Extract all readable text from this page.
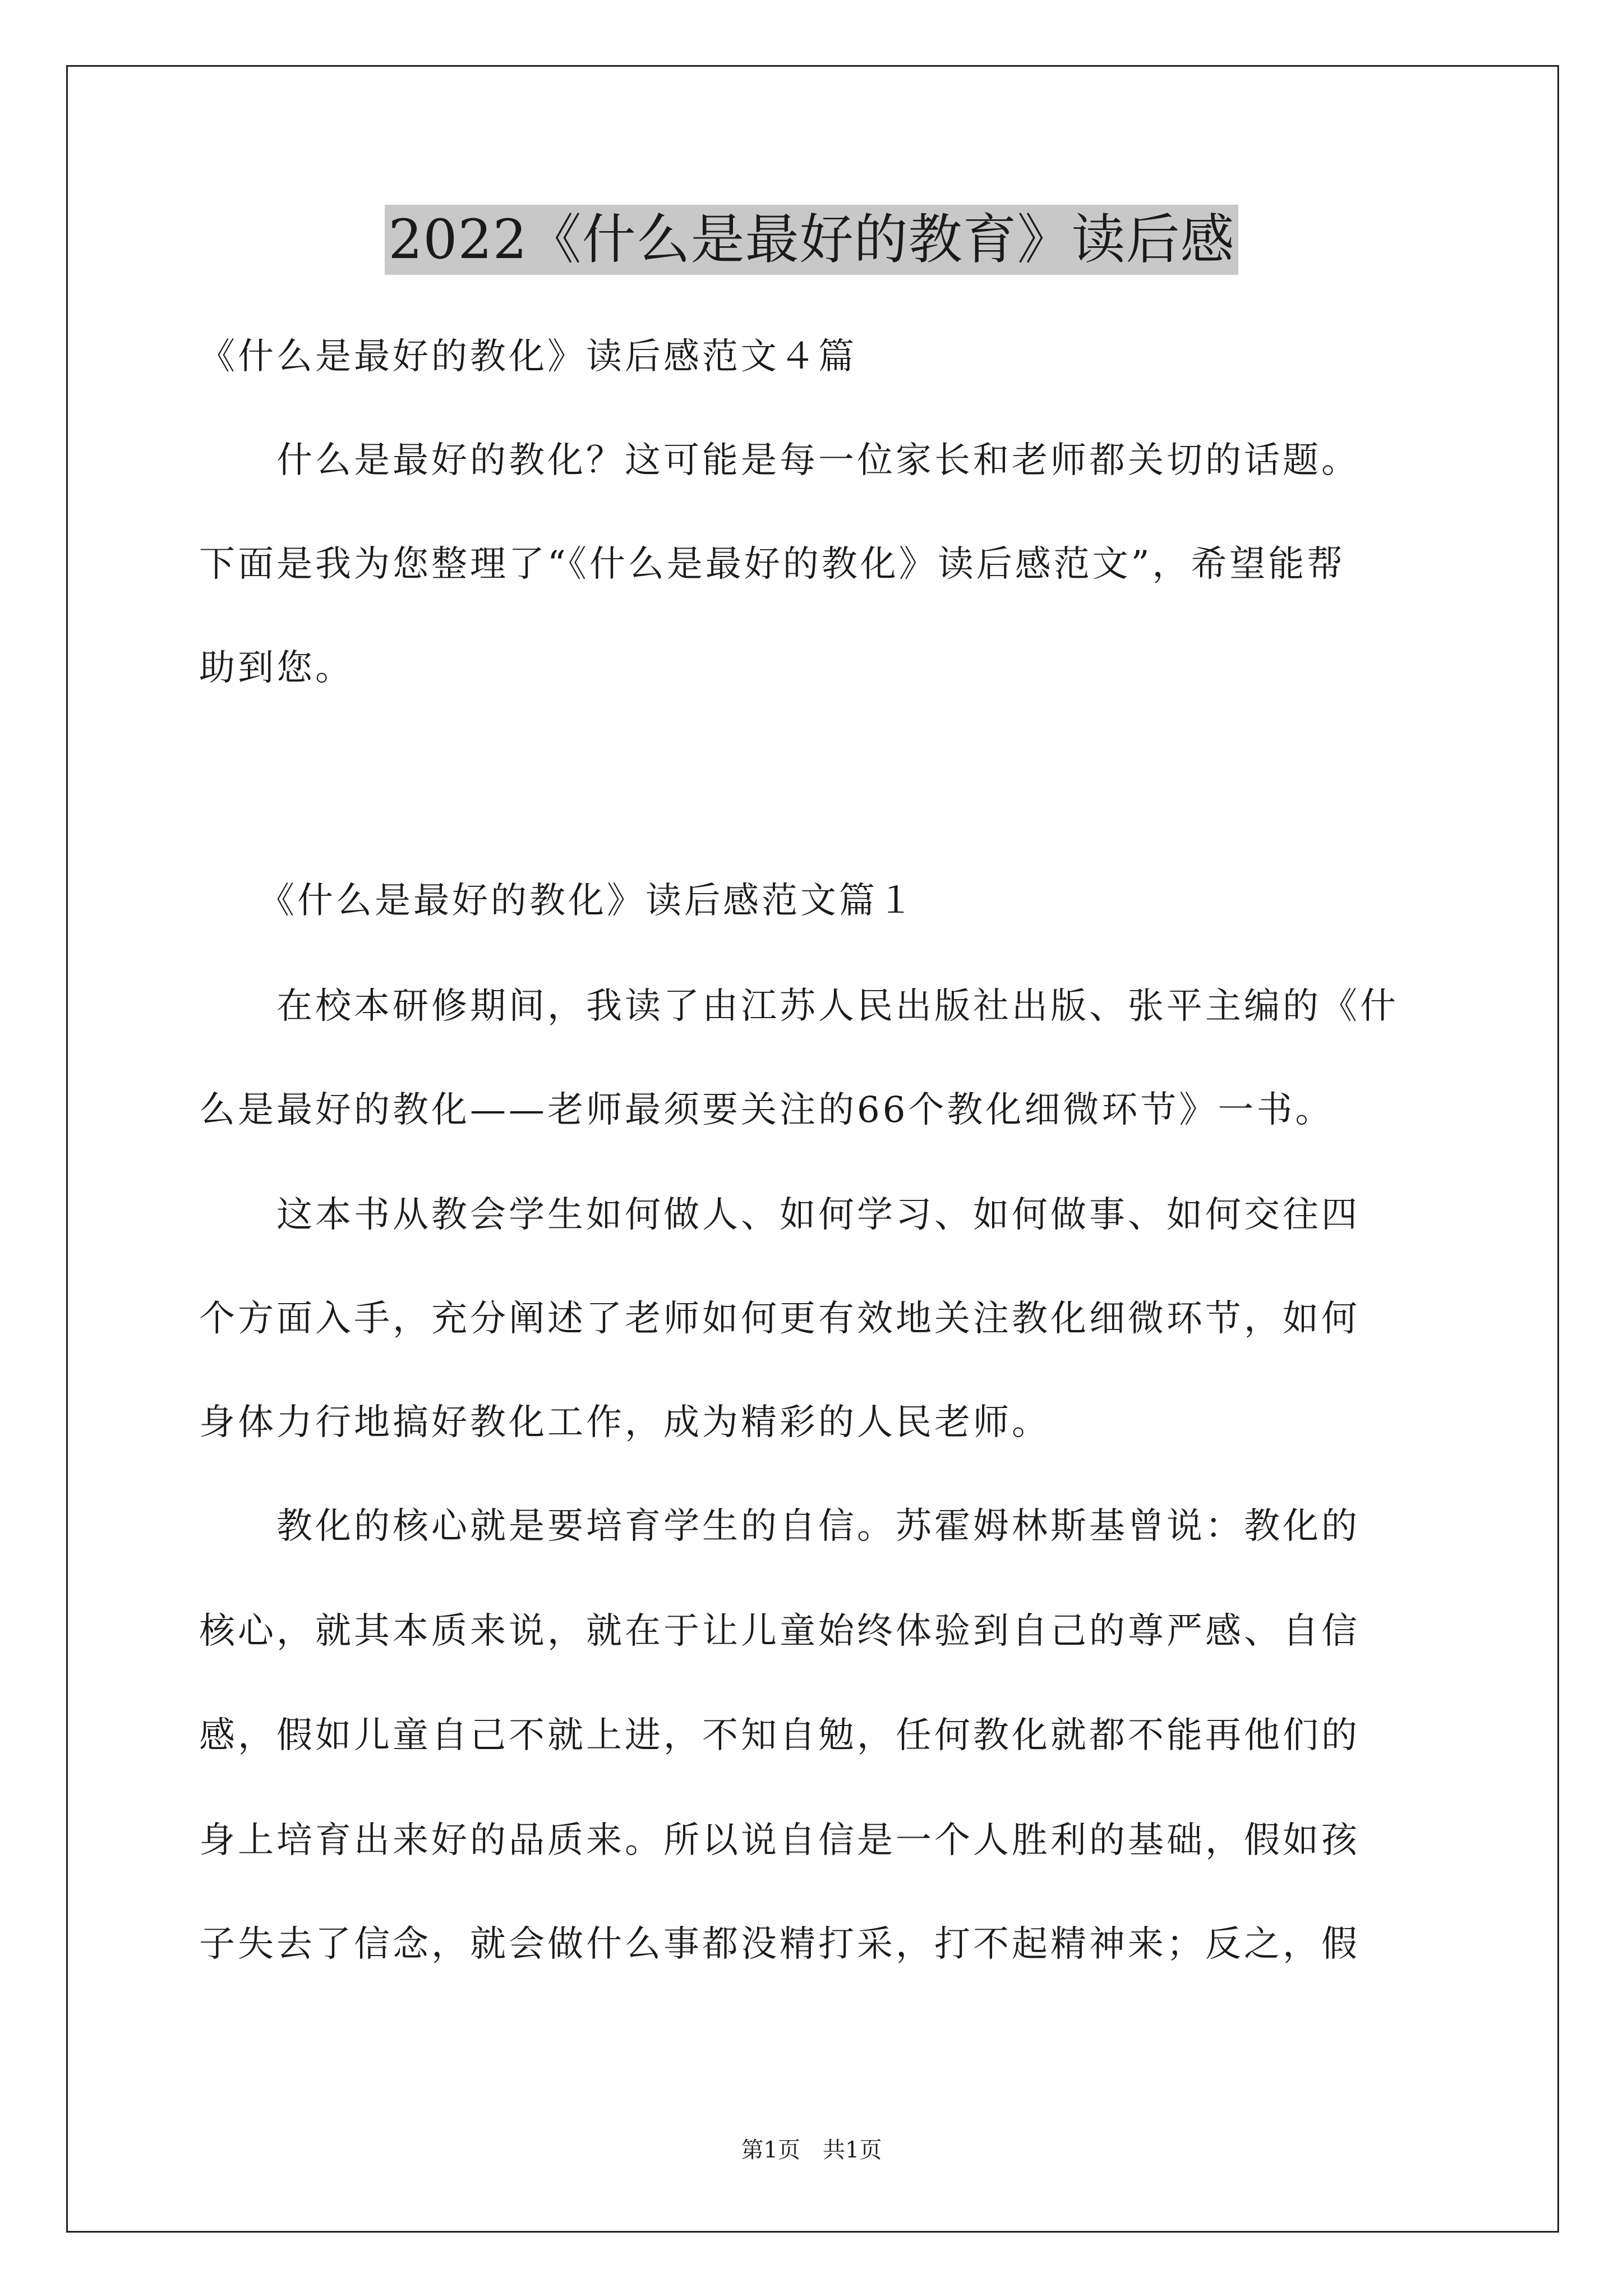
2022《什么是最好的教育》读后感
《什么是最好的教化》读后感范文４篇
　　什么是最好的教化？这可能是每一位家长和老师都关切的话题。
下面是我为您整理了“《什么是最好的教化》读后感范文”，希望能帮
助到您。
　　《什么是最好的教化》读后感范文篇１
　　在校本研修期间，我读了由江苏人民出版社出版、张平主编的《什
么是最好的教化——老师最须要关注的66个教化细微环节》一书。
　　这本书从教会学生如何做人、如何学习、如何做事、如何交往四
个方面入手，充分阐述了老师如何更有效地关注教化细微环节，如何
身体力行地搞好教化工作，成为精彩的人民老师。
　　教化的核心就是要培育学生的自信。苏霍姆林斯基曾说：教化的
核心，就其本质来说，就在于让儿童始终体验到自己的尊严感、自信
感，假如儿童自己不就上进，不知自勉，任何教化就都不能再他们的
身上培育出来好的品质来。所以说自信是一个人胜利的基础，假如孩
子失去了信念，就会做什么事都没精打采，打不起精神来；反之，假
第1页 共1页
